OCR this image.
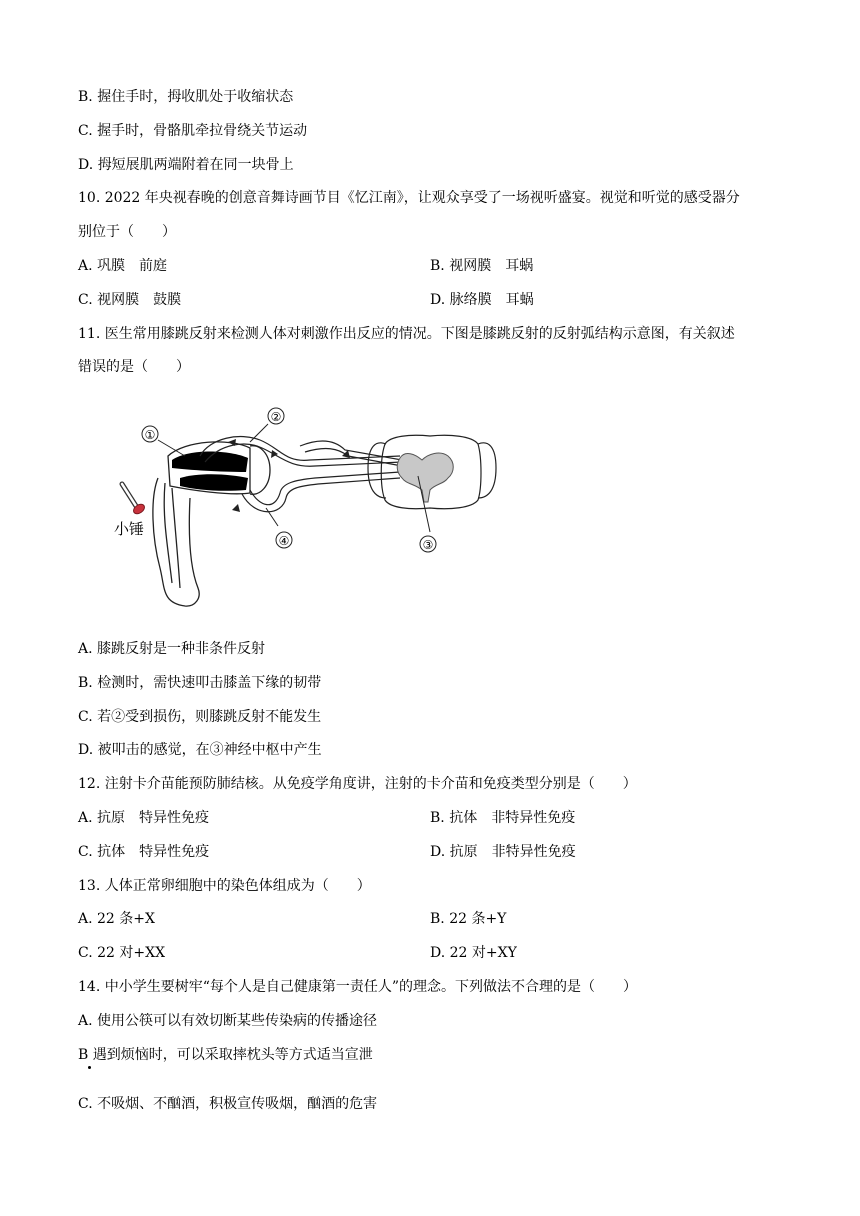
B. 握住手时，拇收肌处于收缩状态
C. 握手时，骨骼肌牵拉骨绕关节运动
D. 拇短展肌两端附着在同一块骨上
10. 2022 年央视春晚的创意音舞诗画节目《忆江南》，让观众享受了一场视听盛宴。视觉和听觉的感受器分
别位于（　　）
A. 巩膜　前庭	B. 视网膜　耳蜗
C. 视网膜　鼓膜	D. 脉络膜　耳蜗
11. 医生常用膝跳反射来检测人体对刺激作出反应的情况。下图是膝跳反射的反射弧结构示意图，有关叙述
错误的是（　　）
小锤
①
②
③
④
A. 膝跳反射是一种非条件反射
B. 检测时，需快速叩击膝盖下缘的韧带
C. 若②受到损伤，则膝跳反射不能发生
D. 被叩击的感觉，在③神经中枢中产生
12. 注射卡介苗能预防肺结核。从免疫学角度讲，注射的卡介苗和免疫类型分别是（　　）
A. 抗原　特异性免疫	B. 抗体　非特异性免疫
C. 抗体　特异性免疫	D. 抗原　非特异性免疫
13. 人体正常卵细胞中的染色体组成为（　　）
A. 22 条+X	B. 22 条+Y
C. 22 对+XX	D. 22 对+XY
14. 中小学生要树牢“每个人是自己健康第一责任人”的理念。下列做法不合理的是（　　）
A. 使用公筷可以有效切断某些传染病的传播途径
B 遇到烦恼时，可以采取摔枕头等方式适当宣泄
C. 不吸烟、不酗酒，积极宣传吸烟，酗酒的危害
